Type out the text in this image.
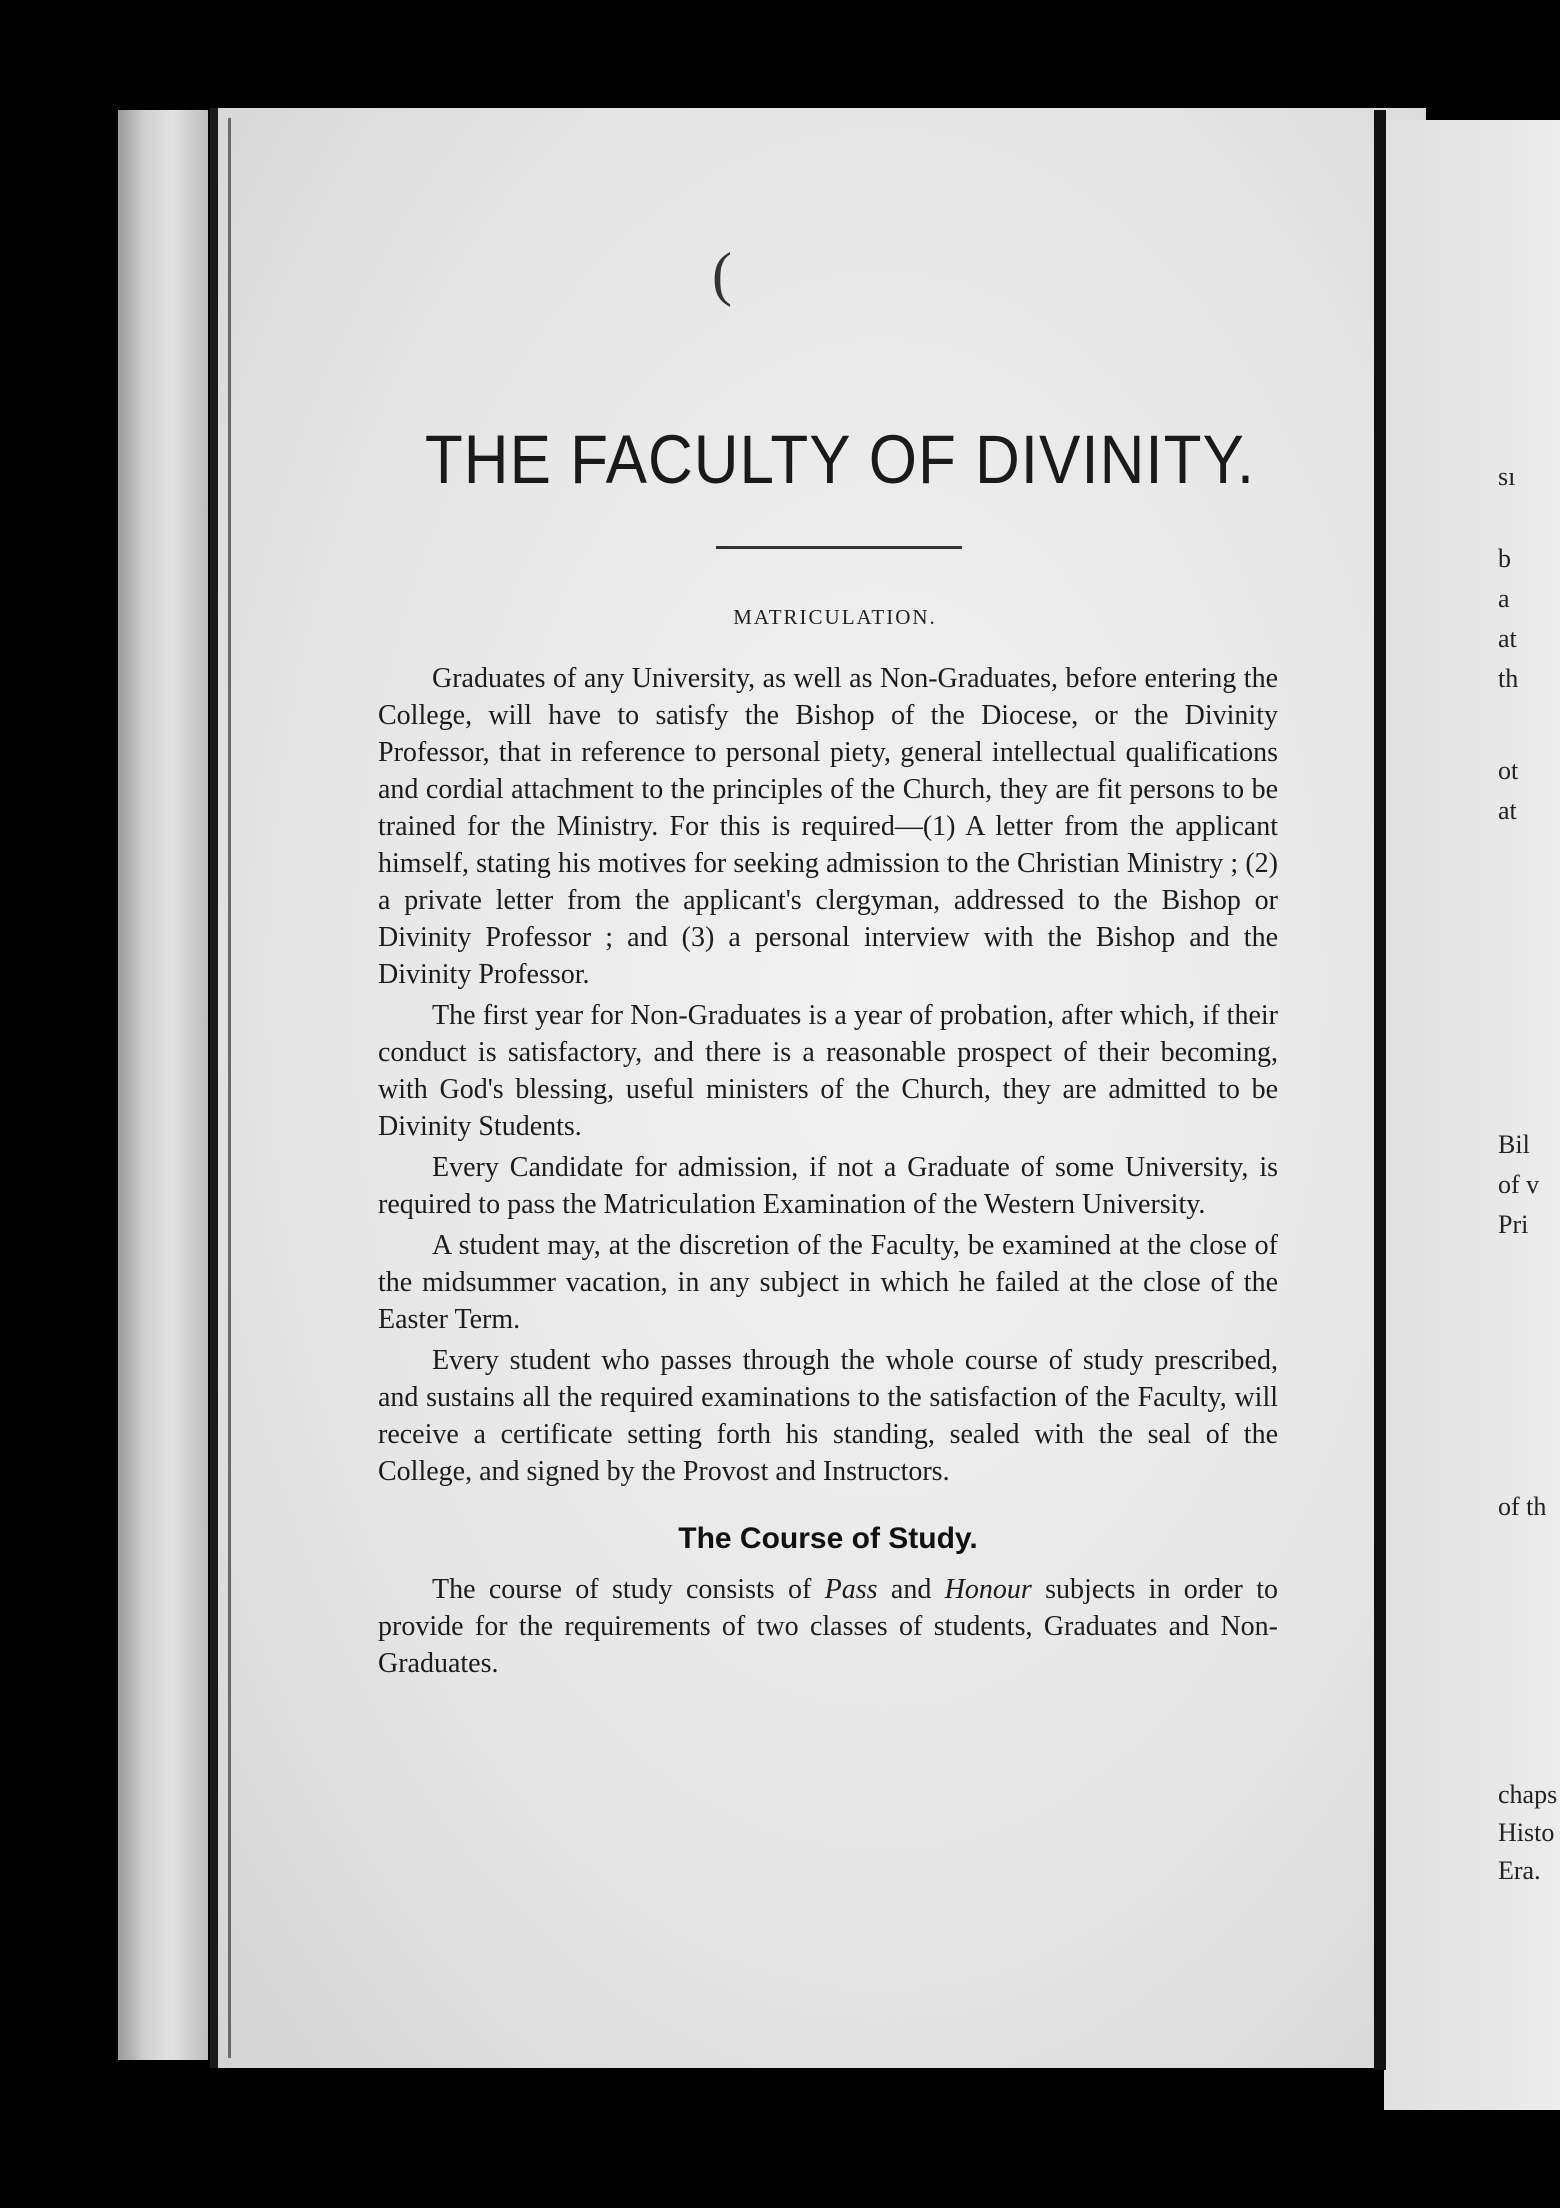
(
THE FACULTY OF DIVINITY.
MATRICULATION.

Graduates of any University, as well as Non-Graduates, before entering the College, will have to satisfy the Bishop of the Diocese, or the Divinity Professor, that in reference to personal piety, general intellectual qualifications and cordial attachment to the principles of the Church, they are fit persons to be trained for the Ministry. For this is required—(1) A letter from the applicant himself, stating his motives for seeking admission to the Christian Ministry ; (2) a private letter from the applicant's clergyman, addressed to the Bishop or Divinity Professor ; and (3) a personal interview with the Bishop and the Divinity Professor.

The first year for Non-Graduates is a year of probation, after which, if their conduct is satisfactory, and there is a reasonable prospect of their becoming, with God's blessing, useful ministers of the Church, they are admitted to be Divinity Students.

Every Candidate for admission, if not a Graduate of some University, is required to pass the Matriculation Examination of the Western University.

A student may, at the discretion of the Faculty, be examined at the close of the midsummer vacation, in any subject in which he failed at the close of the Easter Term.

Every student who passes through the whole course of study prescribed, and sustains all the required examinations to the satisfaction of the Faculty, will receive a certificate setting forth his standing, sealed with the seal of the College, and signed by the Provost and Instructors.

The Course of Study.

The course of study consists of Pass and Honour subjects in order to provide for the requirements of two classes of students, Graduates and Non-Graduates.

sı
b
a
at
th
ot
at
Bil
of v
Pri
of th
chaps
Histo
Era.
